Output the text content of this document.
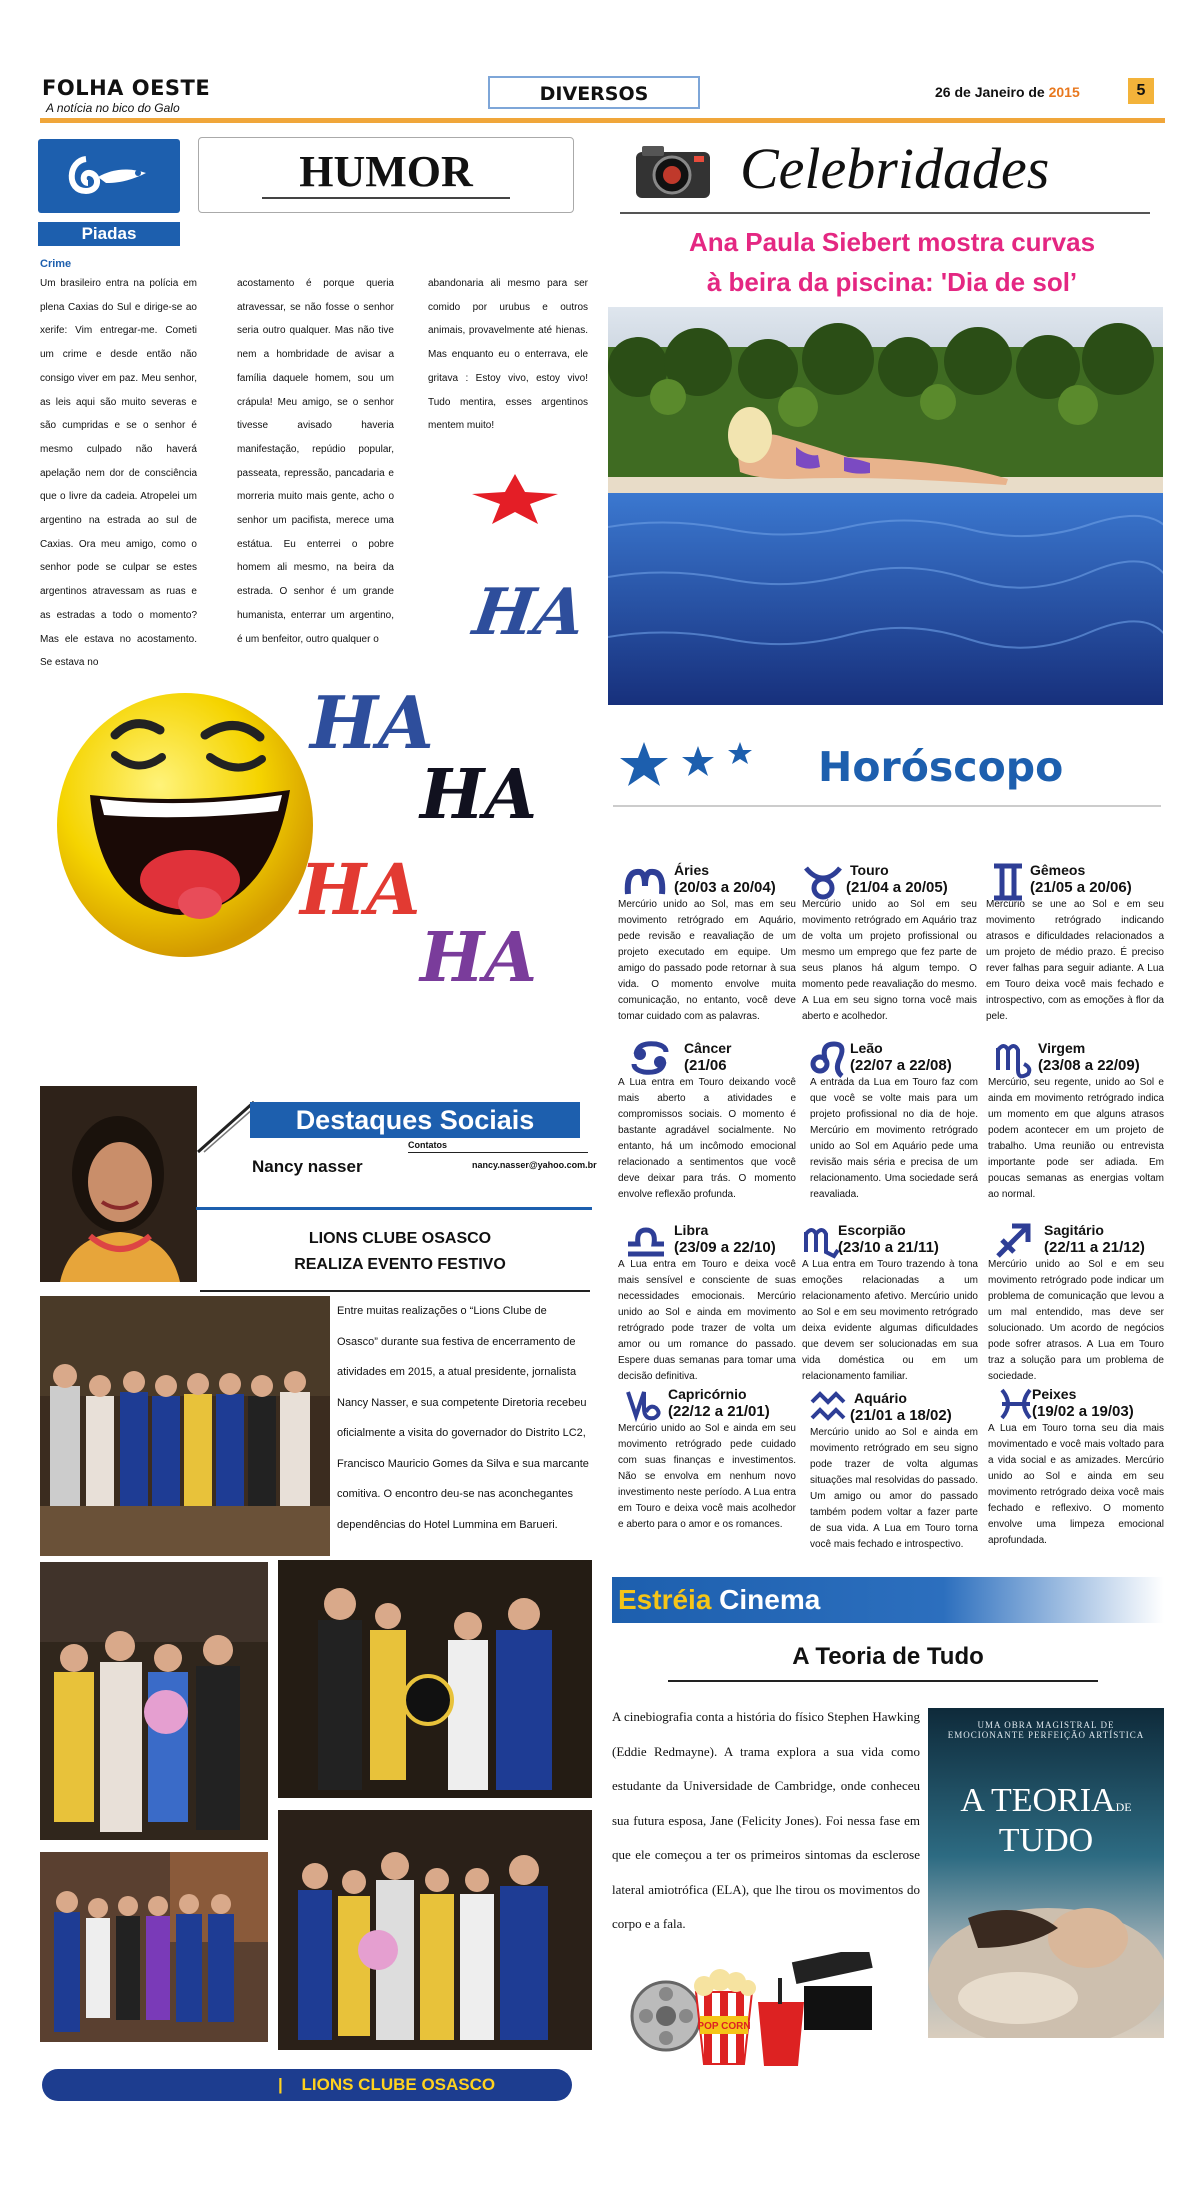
FOLHA OESTE
A notícia no bico do Galo
DIVERSOS	26 de Janeiro de 2015	5
Piadas
HUMOR
Crime
Um brasileiro entra na polícia em plena Caxias do Sul e dirige-se ao xerife: Vim entregar-me. Cometi um crime e desde então não consigo viver em paz. Meu senhor, as leis aqui são muito severas e são cumpridas e se o senhor é mesmo culpado não haverá apelação nem dor de consciência que o livre da cadeia. Atropelei um argentino na estrada ao sul de Caxias. Ora meu amigo, como o senhor pode se culpar se estes argentinos atravessam as ruas e as estradas a todo o momento? Mas ele estava no acostamento. Se estava no
acostamento é porque queria atravessar, se não fosse o senhor seria outro qualquer. Mas não tive nem a hombridade de avisar a família daquele homem, sou um crápula! Meu amigo, se o senhor tivesse avisado haveria manifestação, repúdio popular, passeata, repressão, pancadaria e morreria muito mais gente, acho o senhor um pacifista, merece uma estátua. Eu enterrei o pobre homem ali mesmo, na beira da estrada. O senhor é um grande humanista, enterrar um argentino, é um benfeitor, outro qualquer o
abandonaria ali mesmo para ser comido por urubus e outros animais, provavelmente até hienas. Mas enquanto eu o enterrava, ele gritava : Estoy vivo, estoy vivo! Tudo mentira, esses argentinos mentem muito!
HA
HA
HA
HA
HA
Celebridades
Ana Paula Siebert mostra curvas
à beira da piscina: 'Dia de sol’
Horóscopo
Áries
(20/03 a 20/04)
Mercúrio unido ao Sol, mas em seu movimento retrógrado em Aquário, pede revisão e reavaliação de um projeto executado em equipe. Um amigo do passado pode retornar à sua vida. O momento envolve muita comunicação, no entanto, você deve tomar cuidado com as palavras.
Touro
(21/04 a 20/05)
Mercúrio unido ao Sol em seu movimento retrógrado em Aquário traz de volta um projeto profissional ou mesmo um emprego que fez parte de seus planos há algum tempo. O momento pede reavaliação do mesmo. A Lua em seu signo torna você mais aberto e acolhedor.
Gêmeos
(21/05 a 20/06)
Mercúrio se une ao Sol e em seu movimento retrógrado indicando atrasos e dificuldades relacionados a um projeto de médio prazo. É preciso rever falhas para seguir adiante. A Lua em Touro deixa você mais fechado e introspectivo, com as emoções à flor da pele.
Câncer
(21/06
A Lua entra em Touro deixando você mais aberto a atividades e compromissos sociais. O momento é bastante agradável socialmente. No entanto, há um incômodo emocional relacionado a sentimentos que você deve deixar para trás. O momento envolve reflexão profunda.
Leão
(22/07 a 22/08)
A entrada da Lua em Touro faz com que você se volte mais para um projeto profissional no dia de hoje. Mercúrio em movimento retrógrado unido ao Sol em Aquário pede uma revisão mais séria e precisa de um relacionamento. Uma sociedade será reavaliada.
Virgem
(23/08 a 22/09)
Mercúrio, seu regente, unido ao Sol e ainda em movimento retrógrado indica um momento em que alguns atrasos podem acontecer em um projeto de trabalho. Uma reunião ou entrevista importante pode ser adiada. Em poucas semanas as energias voltam ao normal.
Libra
(23/09 a 22/10)
A Lua entra em Touro e deixa você mais sensível e consciente de suas necessidades emocionais. Mercúrio unido ao Sol e ainda em movimento retrógrado pode trazer de volta um amor ou um romance do passado. Espere duas semanas para tomar uma decisão definitiva.
Escorpião
(23/10 a 21/11)
A Lua entra em Touro trazendo à tona emoções relacionadas a um relacionamento afetivo. Mercúrio unido ao Sol e em seu movimento retrógrado deixa evidente algumas dificuldades que devem ser solucionadas em sua vida doméstica ou em um relacionamento familiar.
Sagitário
(22/11 a 21/12)
Mercúrio unido ao Sol e em seu movimento retrógrado pode indicar um problema de comunicação que levou a um mal entendido, mas deve ser solucionado. Um acordo de negócios pode sofrer atrasos. A Lua em Touro traz a solução para um problema de sociedade.
Capricórnio
(22/12 a 21/01)
Mercúrio unido ao Sol e ainda em seu movimento retrógrado pede cuidado com suas finanças e investimentos. Não se envolva em nenhum novo investimento neste período. A Lua entra em Touro e deixa você mais acolhedor e aberto para o amor e os romances.
Aquário
(21/01 a 18/02)
Mercúrio unido ao Sol e ainda em movimento retrógrado em seu signo pode trazer de volta algumas situações mal resolvidas do passado. Um amigo ou amor do passado também podem voltar a fazer parte de sua vida. A Lua em Touro torna você mais fechado e introspectivo.
Peixes
(19/02 a 19/03)
A Lua em Touro torna seu dia mais movimentado e você mais voltado para a vida social e as amizades. Mercúrio unido ao Sol e ainda em seu movimento retrógrado deixa você mais fechado e reflexivo. O momento envolve uma limpeza emocional aprofundada.
Destaques Sociais
Nancy nasser
Contatos
nancy.nasser@yahoo.com.br
LIONS CLUBE OSASCO
REALIZA EVENTO FESTIVO
Entre muitas realizações o “Lions Clube de Osasco” durante sua festiva de encerramento de atividades em 2015, a atual presidente, jornalista Nancy Nasser, e sua competente Diretoria recebeu oficialmente a visita do governador do Distrito LC2, Francisco Mauricio Gomes da Silva e sua marcante comitiva. O encontro deu-se nas aconchegantes dependências do Hotel Lummina em Barueri.
| LIONS CLUBE OSASCO
Estréia Cinema
A Teoria de Tudo
A cinebiografia conta a história do físico Stephen Hawking (Eddie Redmayne). A trama explora a sua vida como estudante da Universidade de Cambridge, onde conheceu sua futura esposa, Jane (Felicity Jones). Foi nessa fase em que ele começou a ter os primeiros sintomas da esclerose lateral amiotrófica (ELA), que lhe tirou os movimentos do corpo e a fala.
POP CORN
UMA OBRA MAGISTRAL DE EMOCIONANTE PERFEIÇÃO ARTÍSTICA
A TEORIADE
TUDO
